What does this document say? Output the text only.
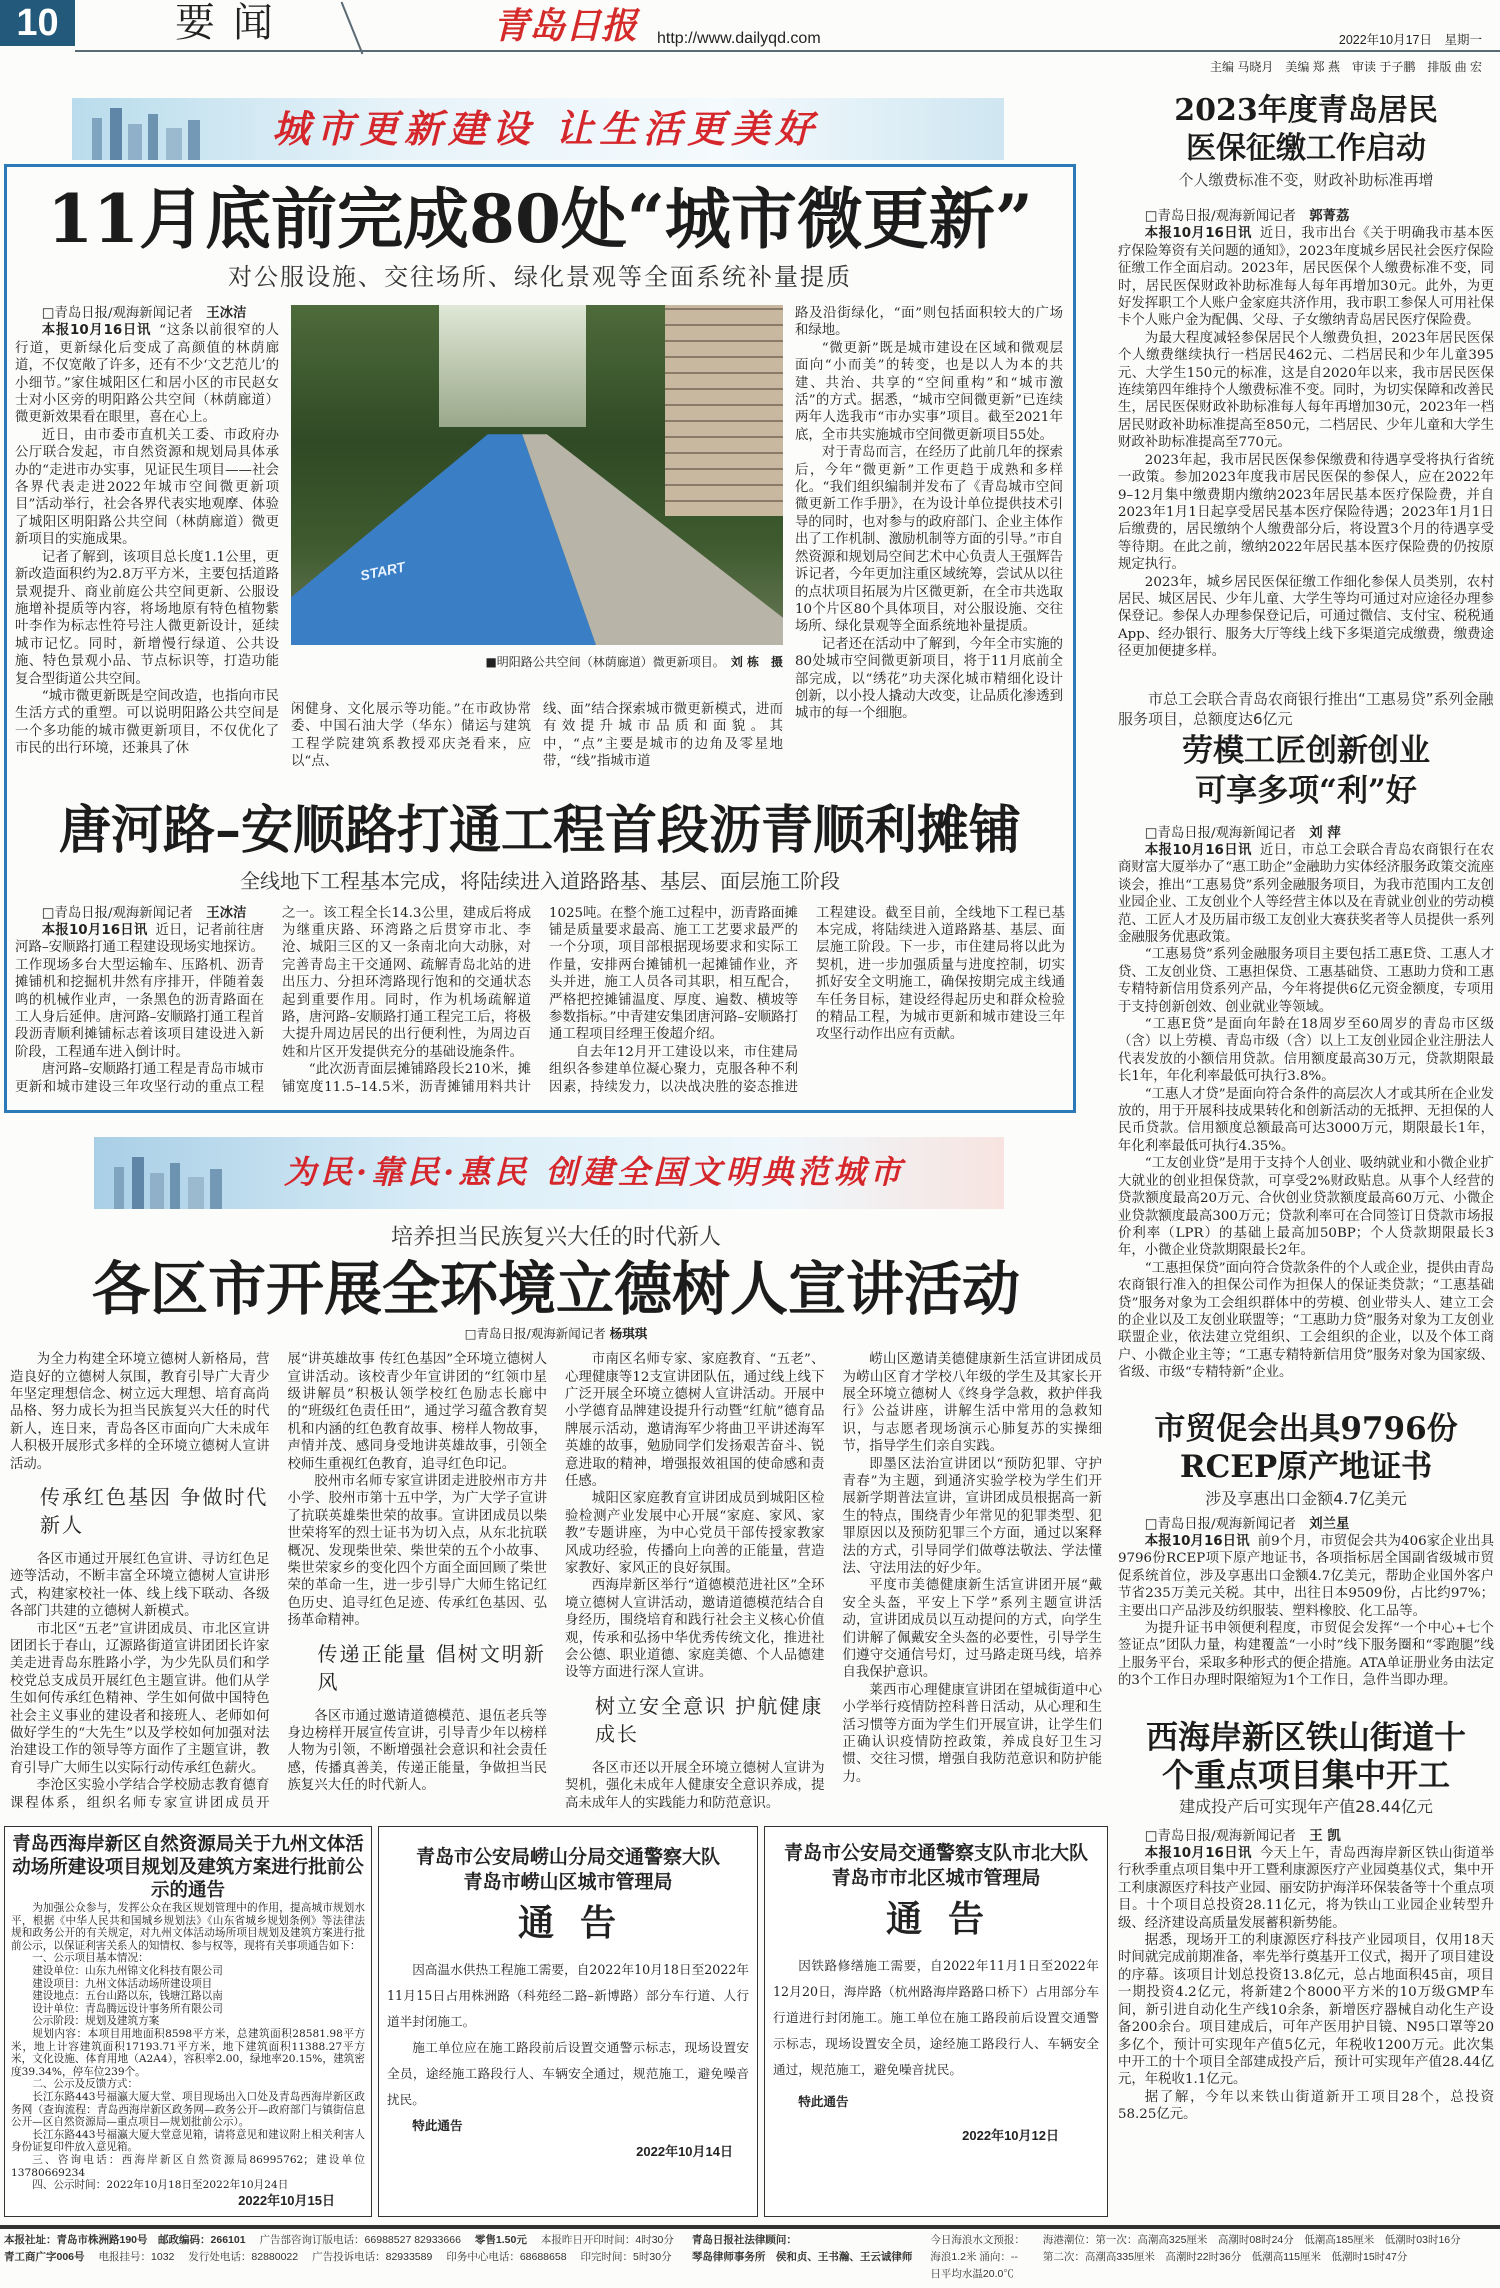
10	要闻	青岛日报 http://www.dailyqd.com	2022年10月17日　星期一
主编 马晓月　美编 郑 燕　审读 于子鹏　排版 曲 宏
城市更新建设 让生活更美好
11月底前完成80处“城市微更新”
对公服设施、交往场所、绿化景观等全面系统补量提质
□青岛日报/观海新闻记者 王冰洁

本报10月16日讯 “这条以前很窄的人行道，更新绿化后变成了高颜值的林荫廊道，不仅宽敞了许多，还有不少‘文艺范儿’的小细节。”家住城阳区仁和居小区的市民赵女士对小区旁的明阳路公共空间（林荫廊道）微更新效果看在眼里，喜在心上。

近日，由市委市直机关工委、市政府办公厅联合发起，市自然资源和规划局具体承办的“走进市办实事，见证民生项目——社会各界代表走进2022年城市空间微更新项目”活动举行，社会各界代表实地观摩、体验了城阳区明阳路公共空间（林荫廊道）微更新项目的实施成果。

记者了解到，该项目总长度1.1公里，更新改造面积约为2.8万平方米，主要包括道路景观提升、商业前庭公共空间更新、公服设施增补提质等内容，将场地原有特色植物紫叶李作为标志性符号注人微更新设计，延续城市记忆。同时，新增慢行绿道、公共设施、特色景观小品、节点标识等，打造功能复合型街道公共空间。

“城市微更新既是空间改造，也指向市民生活方式的重塑。可以说明阳路公共空间是一个多功能的城市微更新项目，不仅优化了市民的出行环境，还兼具了休

START
■明阳路公共空间（林荫廊道）微更新项目。 刘 栋　摄

闲健身、文化展示等功能。”在市政协常委、中国石油大学（华东）储运与建筑工程学院建筑系教授邓庆尧看来，应以“点、

线、面”结合探索城市微更新模式，进而有效提升城市品质和面貌。其中，“点”主要是城市的边角及零星地带，“线”指城市道

路及沿街绿化，“面”则包括面积较大的广场和绿地。

“微更新”既是城市建设在区域和微观层面向“小而美”的转变，也是以人为本的共建、共治、共享的“空间重构”和“城市激活”的方式。据悉，“城市空间微更新”已连续两年人选我市“市办实事”项目。截至2021年底，全市共实施城市空间微更新项目55处。

对于青岛而言，在经历了此前几年的探索后，今年“微更新”工作更趋于成熟和多样化。“我们组织编制并发布了《青岛城市空间微更新工作手册》，在为设计单位提供技术引导的同时，也对参与的政府部门、企业主体作出了工作机制、激励机制等方面的引导。”市自然资源和规划局空间艺术中心负责人王强辉告诉记者，今年更加注重区域统筹，尝试从以往的点状项目拓展为片区微更新，在全市共选取10个片区80个具体项目，对公服设施、交往场所、绿化景观等全面系统地补量提质。

记者还在活动中了解到，今年全市实施的80处城市空间微更新项目，将于11月底前全部完成，以“绣花”功夫深化城市精细化设计创新，以小投人撬动大改变，让品质化渗透到城市的每一个细胞。

唐河路–安顺路打通工程首段沥青顺利摊铺
全线地下工程基本完成，将陆续进入道路路基、基层、面层施工阶段
□青岛日报/观海新闻记者 王冰洁

本报10月16日讯 近日，记者前往唐河路–安顺路打通工程建设现场实地探访。工作现场多台大型运输车、压路机、沥青摊铺机和挖掘机井然有序排开，伴随着轰鸣的机械作业声，一条黑色的沥青路面在工人身后延伸。唐河路–安顺路打通工程首段沥青顺利摊铺标志着该项目建设进入新阶段，工程通车进入倒计时。

唐河路–安顺路打通工程是青岛市城市更新和城市建设三年攻坚行动的重点工程之一。该工程全长14.3公里，建成后将成为继重庆路、环湾路之后贯穿市北、李沧、城阳三区的又一条南北向大动脉，对完善青岛主干交通网、疏解青岛北站的进出压力、分担环湾路现行饱和的交通状态起到重要作用。同时，作为机场疏解道路，唐河路–安顺路打通工程完工后，将极大提升周边居民的出行便利性，为周边百姓和片区开发提供充分的基础设施条件。

“此次沥青面层摊铺路段长210米，摊铺宽度11.5–14.5米，沥青摊铺用料共计1025吨。在整个施工过程中，沥青路面摊铺是质量要求最高、施工工艺要求最严的一个分项，项目部根据现场要求和实际工作量，安排两台摊铺机一起摊铺作业，齐头并进，施工人员各司其职，相互配合，严格把控摊铺温度、厚度、遍数、横坡等参数指标。”中青建安集团唐河路–安顺路打通工程项目经理王俊超介绍。

自去年12月开工建设以来，市住建局组织各参建单位凝心聚力，克服各种不利因素，持续发力，以决战决胜的姿态推进工程建设。截至目前，全线地下工程已基本完成，将陆续进入道路路基、基层、面层施工阶段。下一步，市住建局将以此为契机，进一步加强质量与进度控制，切实抓好安全文明施工，确保按期完成主线通车任务目标，建设经得起历史和群众检验的精品工程，为城市更新和城市建设三年攻坚行动作出应有贡献。

为民·靠民·惠民 创建全国文明典范城市
培养担当民族复兴大任的时代新人
各区市开展全环境立德树人宣讲活动
□青岛日报/观海新闻记者 杨琪琪

为全力构建全环境立德树人新格局，营造良好的立德树人氛围，教育引导广大青少年坚定理想信念、树立远大理想、培育高尚品格、努力成长为担当民族复兴大任的时代新人，连日来，青岛各区市面向广大未成年人积极开展形式多样的全环境立德树人宣讲活动。

传承红色基因 争做时代新人

各区市通过开展红色宣讲、寻访红色足迹等活动，不断丰富全环境立德树人宣讲形式，构建家校社一体、线上线下联动、各级各部门共建的立德树人新模式。

市北区“五老”宣讲团成员、市北区宣讲团团长于春山，辽源路街道宣讲团团长许家美走进青岛东胜路小学，为少先队员们和学校党总支成员开展红色主题宣讲。他们从学生如何传承红色精神、学生如何做中国特色社会主义事业的建设者和接班人、老师如何做好学生的“大先生”以及学校如何加强对法治建设工作的领导等方面作了主题宣讲，教育引导广大师生以实际行动传承红色薪火。

李沧区实验小学结合学校励志教育德育课程体系，组织名师专家宣讲团成员开展“讲英雄故事 传红色基因”全环境立德树人宣讲活动。该校青少年宣讲团的“红领巾星级讲解员”积极认领学校红色励志长廊中的“班级红色责任田”，通过学习蕴含教育契机和内涵的红色教育故事、榜样人物故事，声情并茂、感同身受地讲英雄故事，引领全校师生重视红色教育，追寻红色印记。

胶州市名师专家宣讲团走进胶州市方井小学、胶州市第十五中学，为广大学子宣讲了抗联英雄柴世荣的故事。宣讲团成员以柴世荣将军的烈士证书为切入点，从东北抗联概况、发现柴世荣、柴世荣的五个小故事、柴世荣家乡的变化四个方面全面回顾了柴世荣的革命一生，进一步引导广大师生铭记红色历史、追寻红色足迹、传承红色基因、弘扬革命精神。

传递正能量 倡树文明新风

各区市通过邀请道德模范、退伍老兵等身边榜样开展宣传宣讲，引导青少年以榜样人物为引领，不断增强社会意识和社会责任感，传播真善美，传递正能量，争做担当民族复兴大任的时代新人。

市南区名师专家、家庭教育、“五老”、心理健康等12支宣讲团队伍，通过线上线下广泛开展全环境立德树人宣讲活动。开展中小学德育品牌建设提升行动暨“红航”德育品牌展示活动，邀请海军少将曲卫平讲述海军英雄的故事，勉励同学们发扬艰苦奋斗、锐意进取的精神，增强报效祖国的使命感和责任感。

城阳区家庭教育宣讲团成员到城阳区检验检测产业发展中心开展“家庭、家风、家教”专题讲座，为中心党员干部传授家教家风成功经验，传播向上向善的正能量，营造家教好、家风正的良好氛围。

西海岸新区举行“道德模范进社区”全环境立德树人宣讲活动，邀请道德模范结合自身经历，围绕培育和践行社会主义核心价值观，传承和弘扬中华优秀传统文化，推进社会公德、职业道德、家庭美德、个人品德建设等方面进行深人宣讲。

树立安全意识 护航健康成长

各区市还以开展全环境立德树人宣讲为契机，强化未成年人健康安全意识养成，提高未成年人的实践能力和防范意识。

崂山区邀请美德健康新生活宣讲团成员为崂山区育才学校八年级的学生及其家长开展全环境立德树人《终身学急救，救护伴我行》公益讲座，讲解生活中常用的急救知识，与志愿者现场演示心肺复苏的实操细节，指导学生们亲自实践。

即墨区法治宣讲团以“预防犯罪、守护青春”为主题，到通济实验学校为学生们开展新学期普法宣讲，宣讲团成员根据高一新生的特点，围绕青少年常见的犯罪类型、犯罪原因以及预防犯罪三个方面，通过以案释法的方式，引导同学们做尊法敬法、学法懂法、守法用法的好少年。

平度市美德健康新生活宣讲团开展“戴安全头盔，平安上下学”系列主题宣讲活动，宣讲团成员以互动提问的方式，向学生们讲解了佩戴安全头盔的必要性，引导学生们遵守交通信号灯，过马路走斑马线，培养自我保护意识。

莱西市心理健康宣讲团在望城街道中心小学举行疫情防控科普日活动，从心理和生活习惯等方面为学生们开展宣讲，让学生们正确认识疫情防控政策，养成良好卫生习惯、交往习惯，增强自我防范意识和防护能力。

青岛西海岸新区自然资源局关于九州文体活动场所建设项目规划及建筑方案进行批前公示的通告

为加强公众参与，发挥公众在我区规划管理中的作用，提高城市规划水平，根据《中华人民共和国城乡规划法》《山东省城乡规划条例》等法律法规和政务公开的有关规定，对九州文体活动场所项目规划及建筑方案进行批前公示，以保证利害关系人的知情权、参与权等，现将有关事项通告如下：

一、公示项目基本情况：

建设单位：山东九州锦文化科技有限公司

建设项目：九州文体活动场所建设项目

建设地点：五台山路以东，钱塘江路以南

设计单位：青岛腾远设计事务所有限公司

公示阶段：规划及建筑方案

规划内容：本项目用地面积8598平方米，总建筑面积28581.98平方米，地上计容建筑面积17193.71平方米，地下建筑面积11388.27平方米，文化设施、体育用地（A2A4），容积率2.00，绿地率20.15%，建筑密度39.34%，停车位239个。

二、公示及反馈方式：

长江东路443号福瀛大厦大堂、项目现场出入口处及青岛西海岸新区政务网（查询流程：青岛西海岸新区政务网—政务公开—政府部门与镇街信息公开—区自然资源局—重点项目—规划批前公示）。

长江东路443号福瀛大厦大堂意见箱，请将意见和建议附上相关利害人身份证复印件放入意见箱。

三、咨询电话：西海岸新区自然资源局86995762；建设单位13780669234

四、公示时间：2022年10月18日至2022年10月24日

2022年10月15日
青岛市公安局崂山分局交通警察大队
青岛市崂山区城市管理局
通告

因高温水供热工程施工需要，自2022年10月18日至2022年11月15日占用株洲路（科苑经二路–新博路）部分车行道、人行道半封闭施工。

施工单位应在施工路段前后设置交通警示标志，现场设置安全员，途经施工路段行人、车辆安全通过，规范施工，避免噪音扰民。

特此通告

2022年10月14日
青岛市公安局交通警察支队市北大队
青岛市市北区城市管理局
通告

因铁路修缮施工需要，自2022年11月1日至2022年12月20日，海岸路（杭州路海岸路路口桥下）占用部分车行道进行封闭施工。施工单位在施工路段前后设置交通警示标志，现场设置安全员，途经施工路段行人、车辆安全通过，规范施工，避免噪音扰民。

特此通告

2022年10月12日
2023年度青岛居民医保征缴工作启动
个人缴费标准不变，财政补助标准再增
□青岛日报/观海新闻记者 郭菁荔

本报10月16日讯 近日，我市出台《关于明确我市基本医疗保险筹资有关问题的通知》，2023年度城乡居民社会医疗保险征缴工作全面启动。2023年，居民医保个人缴费标准不变，同时，居民医保财政补助标准每人每年再增加30元。此外，为更好发挥职工个人账户金家庭共济作用，我市职工参保人可用社保卡个人账户金为配偶、父母、子女缴纳青岛居民医疗保险费。

为最大程度减轻参保居民个人缴费负担，2023年居民医保个人缴费继续执行一档居民462元、二档居民和少年儿童395元、大学生150元的标准，这是自2020年以来，我市居民医保连续第四年维持个人缴费标准不变。同时，为切实保障和改善民生，居民医保财政补助标准每人每年再增加30元，2023年一档居民财政补助标准提高至850元，二档居民、少年儿童和大学生财政补助标准提高至770元。

2023年起，我市居民医保参保缴费和待遇享受将执行省统一政策。参加2023年度我市居民医保的参保人，应在2022年9–12月集中缴费期内缴纳2023年居民基本医疗保险费，并自2023年1月1日起享受居民基本医疗保险待遇；2023年1月1日后缴费的，居民缴纳个人缴费部分后，将设置3个月的待遇享受等待期。在此之前，缴纳2022年居民基本医疗保险费的仍按原规定执行。

2023年，城乡居民医保征缴工作细化参保人员类别，农村居民、城区居民、少年儿童、大学生等均可通过对应途径办理参保登记。参保人办理参保登记后，可通过微信、支付宝、税税通App、经办银行、服务大厅等线上线下多渠道完成缴费，缴费途径更加便捷多样。

市总工会联合青岛农商银行推出“工惠易贷”系列金融服务项目，总额度达6亿元
劳模工匠创新创业可享多项“利”好
□青岛日报/观海新闻记者 刘 萍

本报10月16日讯 近日，市总工会联合青岛农商银行在农商财富大厦举办了“惠工助企”金融助力实体经济服务政策交流座谈会，推出“工惠易贷”系列金融服务项目，为我市范围内工友创业园企业、工友创业个人等经营主体以及在青就业创业的劳动模范、工匠人才及历届市级工友创业大赛获奖者等人员提供一系列金融服务优惠政策。

“工惠易贷”系列金融服务项目主要包括工惠E贷、工惠人才贷、工友创业贷、工惠担保贷、工惠基础贷、工惠助力贷和工惠专精特新信用贷系列产品，今年将提供6亿元资金额度，专项用于支持创新创效、创业就业等领域。

“工惠E贷”是面向年龄在18周岁至60周岁的青岛市区级（含）以上劳模、青岛市级（含）以上工友创业园企业注册法人代表发放的小额信用贷款。信用额度最高30万元，贷款期限最长1年，年化利率最低可执行3.8%。

“工惠人才贷”是面向符合条件的高层次人才或其所在企业发放的，用于开展科技成果转化和创新活动的无抵押、无担保的人民币贷款。信用额度总额最高可达3000万元，期限最长1年，年化利率最低可执行4.35%。

“工友创业贷”是用于支持个人创业、吸纳就业和小微企业扩大就业的创业担保贷款，可享受2%财政贴息。从事个人经营的贷款额度最高20万元、合伙创业贷款额度最高60万元、小微企业贷款额度最高300万元；贷款利率可在合同签订日贷款市场报价利率（LPR）的基础上最高加50BP；个人贷款期限最长3年，小微企业贷款期限最长2年。

“工惠担保贷”面向符合贷款条件的个人或企业，提供由青岛农商银行准入的担保公司作为担保人的保证类贷款；“工惠基础贷”服务对象为工会组织群体中的劳模、创业带头人、建立工会的企业以及工友创业联盟等；“工惠助力贷”服务对象为工友创业联盟企业，依法建立党组织、工会组织的企业，以及个体工商户、小微企业主等；“工惠专精特新信用贷”服务对象为国家级、省级、市级“专精特新”企业。

市贸促会出具9796份RCEP原产地证书
涉及享惠出口金额4.7亿美元
□青岛日报/观海新闻记者 刘兰星

本报10月16日讯 前9个月，市贸促会共为406家企业出具9796份RCEP项下原产地证书，各项指标居全国副省级城市贸促系统首位，涉及享惠出口金额4.7亿美元，帮助企业国外客户节省235万美元关税。其中，出往日本9509份，占比约97%；主要出口产品涉及纺织服装、塑料橡胶、化工品等。

为提升证书申领便利程度，市贸促会发挥“一个中心+七个签证点”团队力量，构建覆盖“一小时”线下服务圈和“零跑腿”线上服务平台，采取多种形式的便企措施。ATA单证册业务由法定的3个工作日办理时限缩短为1个工作日，急件当即办理。

西海岸新区铁山街道十个重点项目集中开工
建成投产后可实现年产值28.44亿元
□青岛日报/观海新闻记者 王 凯

本报10月16日讯 今天上午，青岛西海岸新区铁山街道举行秋季重点项目集中开工暨利康源医疗产业园奠基仪式，集中开工利康源医疗科技产业园、丽安防护海洋环保装备等十个重点项目。十个项目总投资28.11亿元，将为铁山工业园企业转型升级、经济建设高质量发展蓄积新势能。

据悉，现场开工的利康源医疗科技产业园项目，仅用18天时间就完成前期准备，率先举行奠基开工仪式，揭开了项目建设的序幕。该项目计划总投资13.8亿元，总占地面积45亩，项目一期投资4.2亿元，将新建2个8000平方米的10万级GMP车间，新引进自动化生产线10余条，新增医疗器械自动化生产设备200余台。项目建成后，可年产医用护目镜、N95口罩等20多亿个，预计可实现年产值5亿元，年税收1200万元。此次集中开工的十个项目全部建成投产后，预计可实现年产值28.44亿元，年税收1.1亿元。

据了解，今年以来铁山街道新开工项目28个，总投资58.25亿元。

本报社址：青岛市株洲路190号　邮政编码：266101 广告部咨询订版电话：66988527 82933666 零售1.50元 本报昨日开印时间：4时30分
青工商广字006号 电报挂号：1032 发行处电话：82880022 广告投诉电话：82933589 印务中心电话：68688658 印完时间：5时30分
青岛日报社法律顾问：
琴岛律师事务所　侯和贞、王书瀚、王云诚律师
今日海浪水文预报：
海浪1.2米 涌向：--
日平均水温20.0℃
海港潮位：第一次：高潮高325厘米　高潮时08时24分　低潮高185厘米　低潮时03时16分
第二次：高潮高335厘米　高潮时22时36分　低潮高115厘米　低潮时15时47分
